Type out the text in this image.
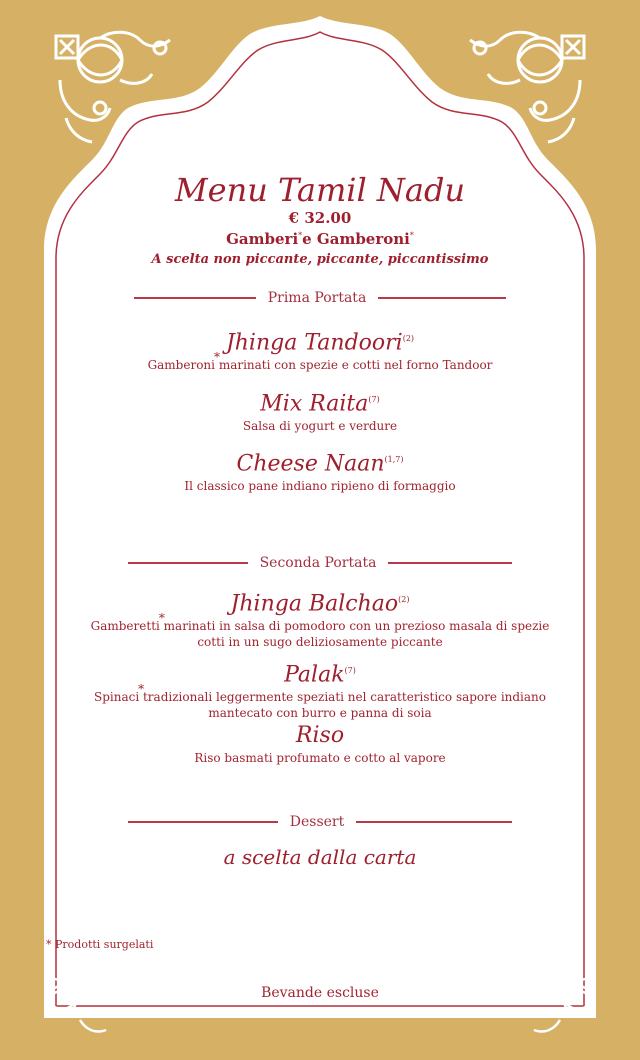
Menu Tamil Nadu
€ 32.00
Gamberi*e Gamberoni*
A scelta non piccante, piccante, piccantissimo
Prima Portata
Jhinga Tandoori$^{(2)}$
* Gamberoni marinati con spezie e cotti nel forno Tandoor
Mix Raita$^{(7)}$
Salsa di yogurt e verdure
Cheese Naan$^{(1,7)}$
Il classico pane indiano ripieno di formaggio
Seconda Portata
Jhinga Balchao$^{(2)}$
* Gamberetti marinati in salsa di pomodoro con un prezioso masala di spezie
cotti in un sugo deliziosamente piccante
Palak$^{(7)}$
* Spinaci tradizionali leggermente speziati nel caratteristico sapore indiano
mantecato con burro e panna di soia
Riso
Riso basmati profumato e cotto al vapore
Dessert
a scelta dalla carta
Bevande escluse
* Prodotti surgelati
